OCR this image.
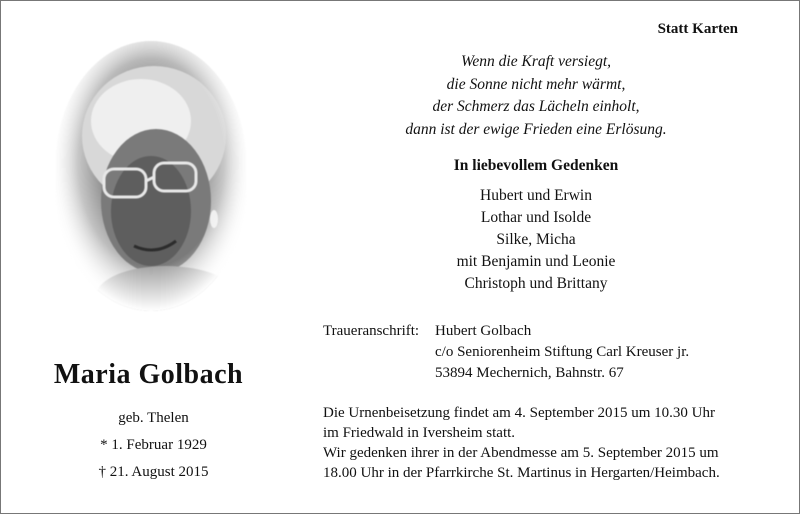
Statt Karten
Maria Golbach
geb. Thelen
* 1. Februar 1929
† 21. August 2015
Wenn die Kraft versiegt,
die Sonne nicht mehr wärmt,
der Schmerz das Lächeln einholt,
dann ist der ewige Frieden eine Erlösung.
In liebevollem Gedenken
Hubert und Erwin
Lothar und Isolde
Silke, Micha
mit Benjamin und Leonie
Christoph und Brittany
Traueranschrift:	Hubert Golbach
c/o Seniorenheim Stiftung Carl Kreuser jr.
53894 Mechernich, Bahnstr. 67
Die Urnenbeisetzung findet am 4. September 2015 um 10.30 Uhr
im Friedwald in Iversheim statt.
Wir gedenken ihrer in der Abendmesse am 5. September 2015 um
18.00 Uhr in der Pfarrkirche St. Martinus in Hergarten/Heimbach.
